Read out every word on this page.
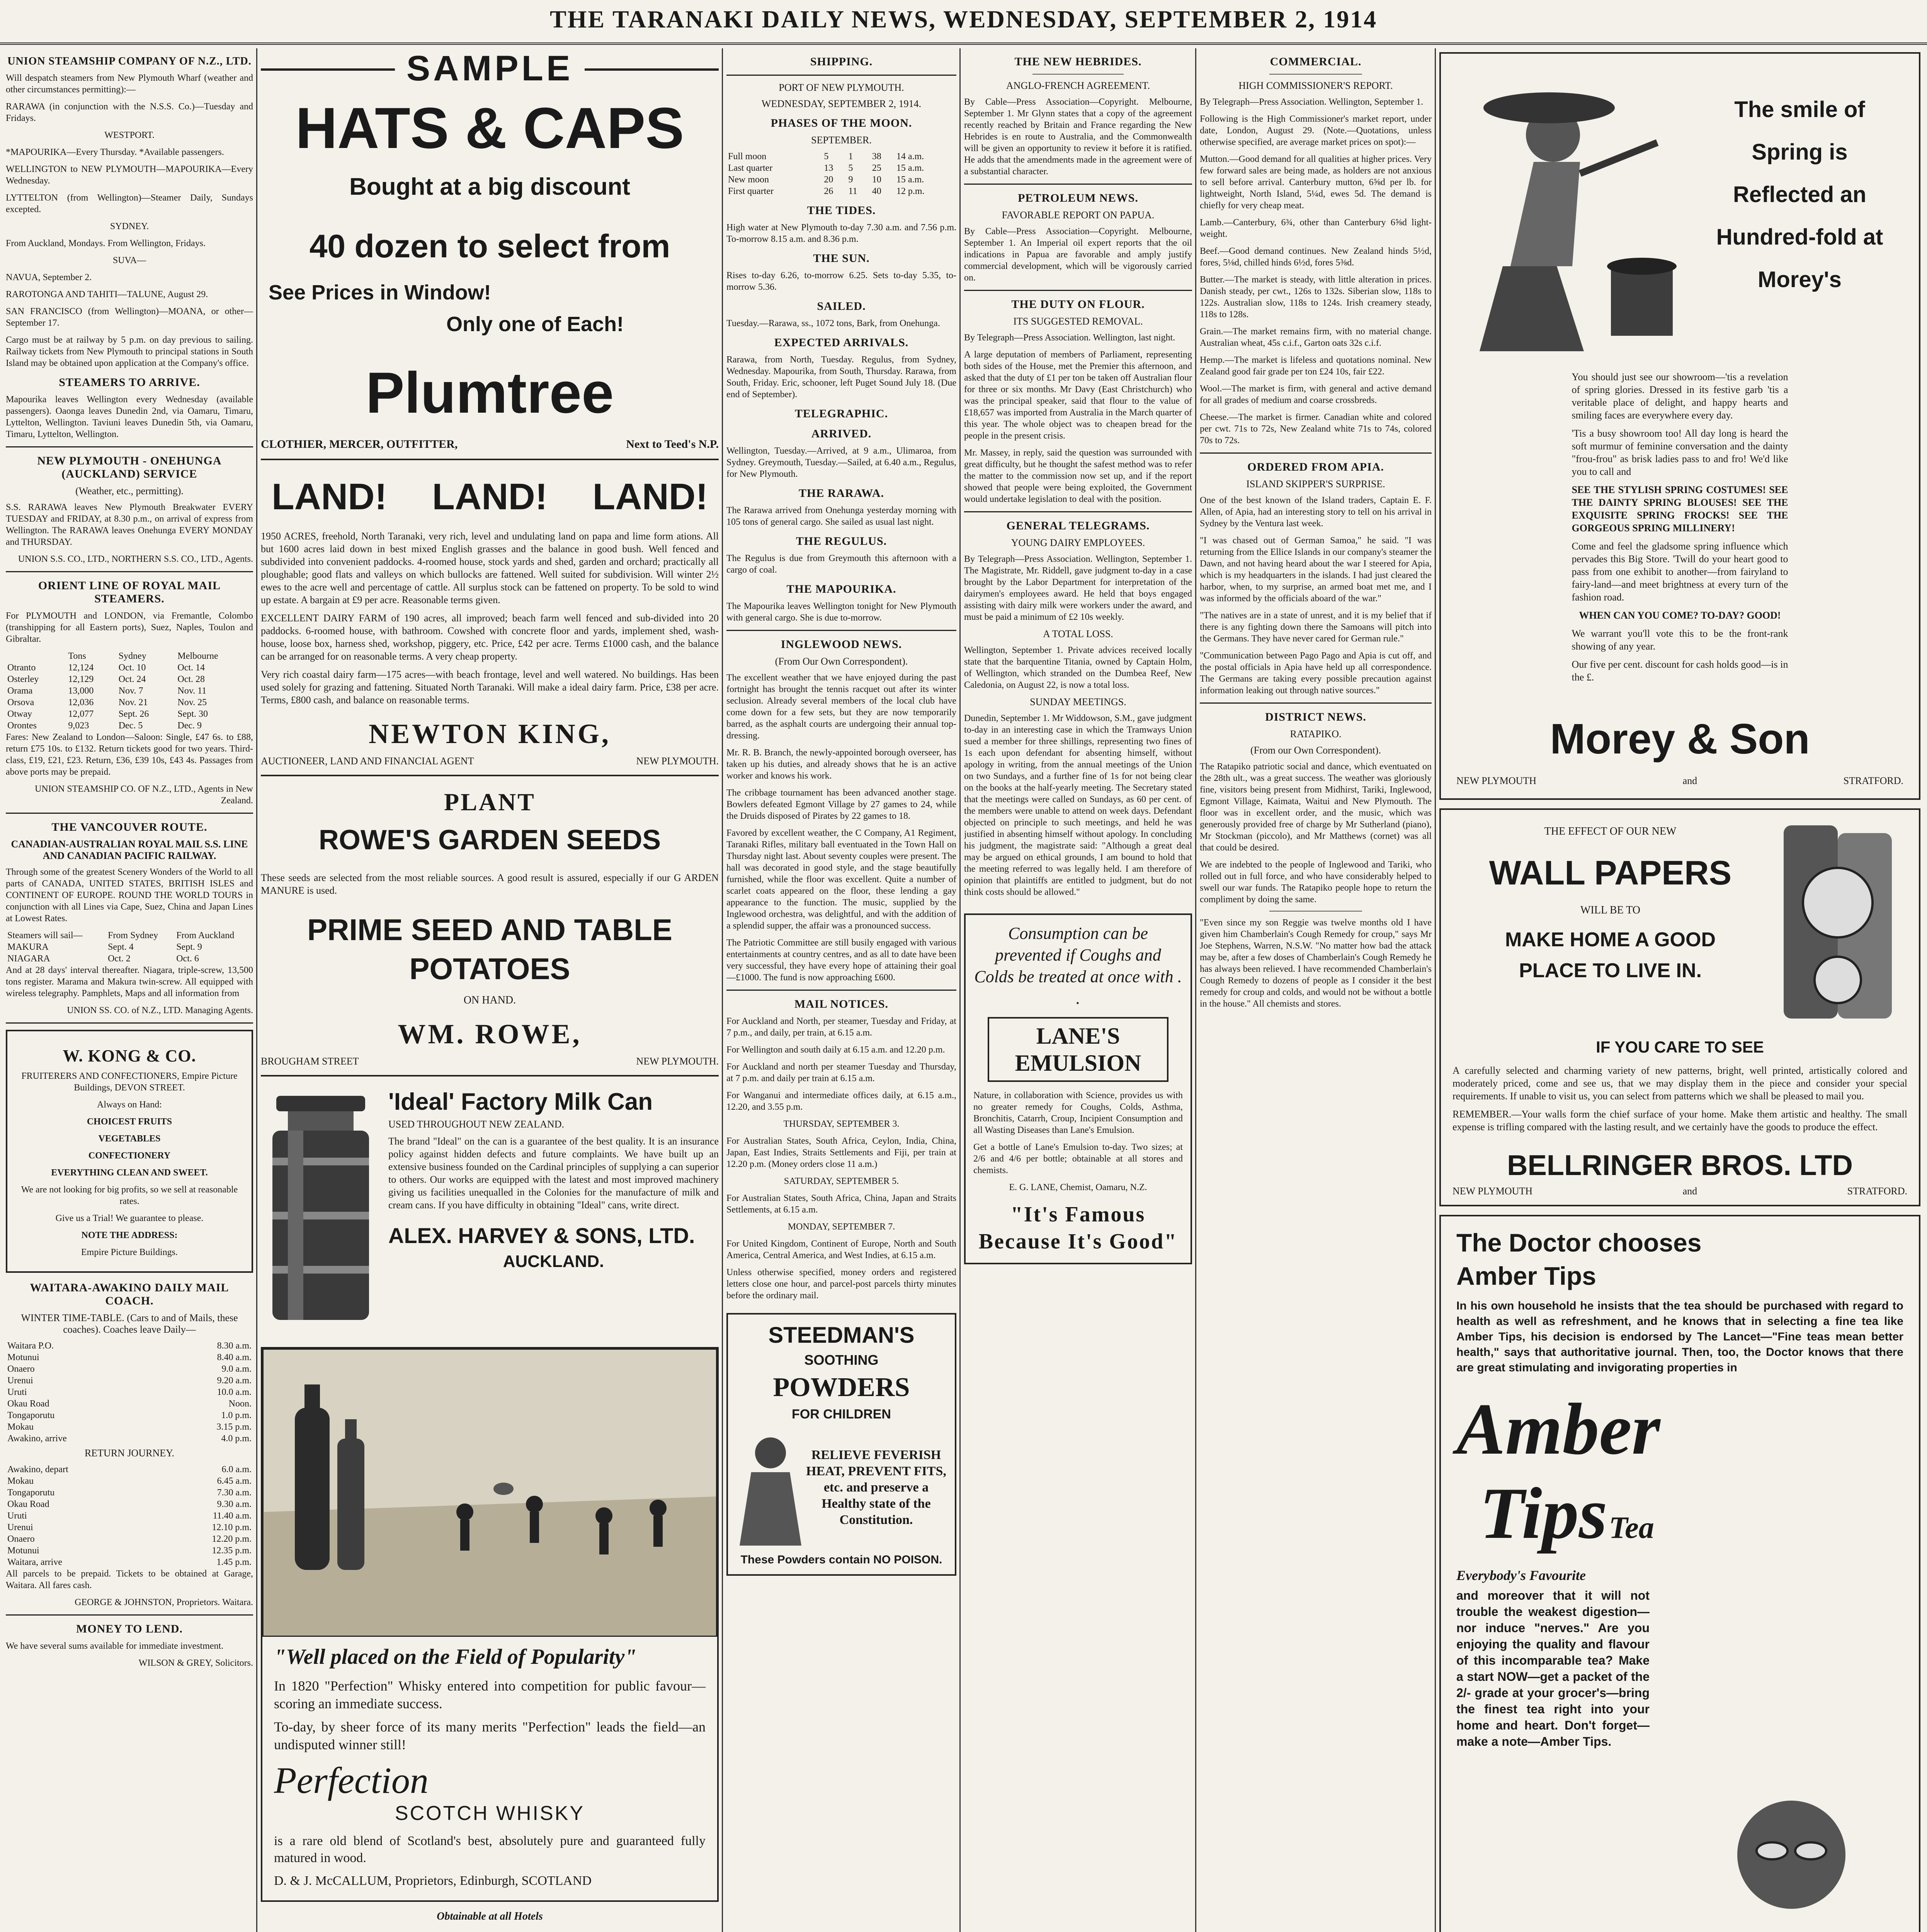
THE TARANAKI DAILY NEWS, WEDNESDAY, SEPTEMBER 2, 1914
UNION STEAMSHIP COMPANY OF N.Z., LTD.

Will despatch steamers from New Plymouth Wharf (weather and other circumstances permitting):—

RARAWA (in conjunction with the N.S.S. Co.)—Tuesday and Fridays.

WESTPORT.

*MAPOURIKA—Every Thursday. *Available passengers.

WELLINGTON to NEW PLYMOUTH—MAPOURIKA—Every Wednesday.

LYTTELTON (from Wellington)—Steamer Daily, Sundays excepted.

SYDNEY.

From Auckland, Mondays. From Wellington, Fridays.

SUVA—

NAVUA, September 2.

RAROTONGA AND TAHITI—TALUNE, August 29.

SAN FRANCISCO (from Wellington)—MOANA, or other—September 17.

Cargo must be at railway by 5 p.m. on day previous to sailing. Railway tickets from New Plymouth to principal stations in South Island may be obtained upon application at the Company's office.

STEAMERS TO ARRIVE.

Mapourika leaves Wellington every Wednesday (available passengers). Oaonga leaves Dunedin 2nd, via Oamaru, Timaru, Lyttelton, Wellington. Taviuni leaves Dunedin 5th, via Oamaru, Timaru, Lyttelton, Wellington.

NEW PLYMOUTH - ONEHUNGA (AUCKLAND) SERVICE
(Weather, etc., permitting).

S.S. RARAWA leaves New Plymouth Breakwater EVERY TUESDAY and FRIDAY, at 8.30 p.m., on arrival of express from Wellington. The RARAWA leaves Onehunga EVERY MONDAY and THURSDAY.

UNION S.S. CO., LTD., NORTHERN S.S. CO., LTD., Agents.

ORIENT LINE OF ROYAL MAIL STEAMERS.

For PLYMOUTH and LONDON, via Fremantle, Colombo (transhipping for all Eastern ports), Suez, Naples, Toulon and Gibraltar.

	Tons	Sydney	Melbourne
Otranto	12,124	Oct. 10	Oct. 14
Osterley	12,129	Oct. 24	Oct. 28
Orama	13,000	Nov. 7	Nov. 11
Orsova	12,036	Nov. 21	Nov. 25
Otway	12,077	Sept. 26	Sept. 30
Orontes	9,023	Dec. 5	Dec. 9

Fares: New Zealand to London—Saloon: Single, £47 6s. to £88, return £75 10s. to £132. Return tickets good for two years. Third-class, £19, £21, £23. Return, £36, £39 10s, £43 4s. Passages from above ports may be prepaid.

UNION STEAMSHIP CO. OF N.Z., LTD., Agents in New Zealand.

THE VANCOUVER ROUTE.
CANADIAN-AUSTRALIAN ROYAL MAIL S.S. LINE AND CANADIAN PACIFIC RAILWAY.

Through some of the greatest Scenery Wonders of the World to all parts of CANADA, UNITED STATES, BRITISH ISLES and CONTINENT OF EUROPE. ROUND THE WORLD TOURS in conjunction with all Lines via Cape, Suez, China and Japan Lines at Lowest Rates.

Steamers will sail—	From Sydney	From Auckland
MAKURA	Sept. 4	Sept. 9
NIAGARA	Oct. 2	Oct. 6

And at 28 days' interval thereafter. Niagara, triple-screw, 13,500 tons register. Marama and Makura twin-screw. All equipped with wireless telegraphy. Pamphlets, Maps and all information from

UNION SS. CO. of N.Z., LTD. Managing Agents.

W. KONG & CO.

FRUITERERS AND CONFECTIONERS, Empire Picture Buildings, DEVON STREET.

Always on Hand:

CHOICEST FRUITS

VEGETABLES

CONFECTIONERY

EVERYTHING CLEAN AND SWEET.

We are not looking for big profits, so we sell at reasonable rates.

Give us a Trial! We guarantee to please.

NOTE THE ADDRESS:

Empire Picture Buildings.

WAITARA-AWAKINO DAILY MAIL COACH.
WINTER TIME-TABLE. (Cars to and of Mails, these coaches). Coaches leave Daily—
Waitara P.O.	8.30 a.m.
Motunui	8.40 a.m.
Onaero	9.0 a.m.
Urenui	9.20 a.m.
Uruti	10.0 a.m.
Okau Road	Noon.
Tongaporutu	1.0 p.m.
Mokau	3.15 p.m.
Awakino, arrive	4.0 p.m.
RETURN JOURNEY.
Awakino, depart	6.0 a.m.
Mokau	6.45 a.m.
Tongaporutu	7.30 a.m.
Okau Road	9.30 a.m.
Uruti	11.40 a.m.
Urenui	12.10 p.m.
Onaero	12.20 p.m.
Motunui	12.35 p.m.
Waitara, arrive	1.45 p.m.

All parcels to be prepaid. Tickets to be obtained at Garage, Waitara. All fares cash.

GEORGE & JOHNSTON, Proprietors. Waitara.

MONEY TO LEND.

We have several sums available for immediate investment.

WILSON & GREY, Solicitors.

SAMPLE
HATS & CAPS
Bought at a big discount
40 dozen to select from
See Prices in Window!
Only one of Each!
Plumtree
CLOTHIER, MERCER, OUTFITTER,	Next to Teed's N.P.
LAND! LAND! LAND!

1950 ACRES, freehold, North Taranaki, very rich, level and undulating land on papa and lime form ations. All but 1600 acres laid down in best mixed English grasses and the balance in good bush. Well fenced and subdivided into convenient paddocks. 4-roomed house, stock yards and shed, garden and orchard; practically all ploughable; good flats and valleys on which bullocks are fattened. Well suited for subdivision. Will winter 2½ ewes to the acre well and percentage of cattle. All surplus stock can be fattened on property. To be sold to wind up estate. A bargain at £9 per acre. Reasonable terms given.

EXCELLENT DAIRY FARM of 190 acres, all improved; beach farm well fenced and sub-divided into 20 paddocks. 6-roomed house, with bathroom. Cowshed with concrete floor and yards, implement shed, wash-house, loose box, harness shed, workshop, piggery, etc. Price, £42 per acre. Terms £1000 cash, and the balance can be arranged for on reasonable terms. A very cheap property.

Very rich coastal dairy farm—175 acres—with beach frontage, level and well watered. No buildings. Has been used solely for grazing and fattening. Situated North Taranaki. Will make a ideal dairy farm. Price, £38 per acre. Terms, £800 cash, and balance on reasonable terms.

NEWTON KING,
AUCTIONEER, LAND AND FINANCIAL AGENT	NEW PLYMOUTH.
PLANT
ROWE'S GARDEN SEEDS

These seeds are selected from the most reliable sources. A good result is assured, especially if our G ARDEN MANURE is used.

PRIME SEED AND TABLE
POTATOES
ON HAND.
WM. ROWE,
BROUGHAM STREET	NEW PLYMOUTH.
'Ideal' Factory Milk Can
USED THROUGHOUT NEW ZEALAND.

The brand "Ideal" on the can is a guarantee of the best quality. It is an insurance policy against hidden defects and future complaints. We have built up an extensive business founded on the Cardinal principles of supplying a can superior to others. Our works are equipped with the latest and most improved machinery giving us facilities unequalled in the Colonies for the manufacture of milk and cream cans. If you have difficulty in obtaining "Ideal" cans, write direct.

ALEX. HARVEY & SONS, LTD.
AUCKLAND.
"Well placed on the Field of Popularity"

In 1820 "Perfection" Whisky entered into competition for public favour—scoring an immediate success.

To-day, by sheer force of its many merits "Perfection" leads the field—an undisputed winner still!

Perfection
SCOTCH WHISKY

is a rare old blend of Scotland's best, absolutely pure and guaranteed fully matured in wood.

D. & J. McCALLUM, Proprietors, Edinburgh, SCOTLAND

Obtainable at all Hotels
SHIPPING.
PORT OF NEW PLYMOUTH.
WEDNESDAY, SEPTEMBER 2, 1914.
PHASES OF THE MOON.
SEPTEMBER.
Full moon	5	1	38	14 a.m.
Last quarter	13	5	25	15 a.m.
New moon	20	9	10	15 a.m.
First quarter	26	11	40	12 p.m.
THE TIDES.

High water at New Plymouth to-day 7.30 a.m. and 7.56 p.m. To-morrow 8.15 a.m. and 8.36 p.m.

THE SUN.

Rises to-day 6.26, to-morrow 6.25. Sets to-day 5.35, to-morrow 5.36.

SAILED.

Tuesday.—Rarawa, ss., 1072 tons, Bark, from Onehunga.

EXPECTED ARRIVALS.

Rarawa, from North, Tuesday. Regulus, from Sydney, Wednesday. Mapourika, from South, Thursday. Rarawa, from South, Friday. Eric, schooner, left Puget Sound July 18. (Due end of September).

TELEGRAPHIC.
ARRIVED.

Wellington, Tuesday.—Arrived, at 9 a.m., Ulimaroa, from Sydney. Greymouth, Tuesday.—Sailed, at 6.40 a.m., Regulus, for New Plymouth.

THE RARAWA.

The Rarawa arrived from Onehunga yesterday morning with 105 tons of general cargo. She sailed as usual last night.

THE REGULUS.

The Regulus is due from Greymouth this afternoon with a cargo of coal.

THE MAPOURIKA.

The Mapourika leaves Wellington tonight for New Plymouth with general cargo. She is due to-morrow.

INGLEWOOD NEWS.
(From Our Own Correspondent).

The excellent weather that we have enjoyed during the past fortnight has brought the tennis racquet out after its winter seclusion. Already several members of the local club have come down for a few sets, but they are now temporarily barred, as the asphalt courts are undergoing their annual top-dressing.

Mr. R. B. Branch, the newly-appointed borough overseer, has taken up his duties, and already shows that he is an active worker and knows his work.

The cribbage tournament has been advanced another stage. Bowlers defeated Egmont Village by 27 games to 24, while the Druids disposed of Pirates by 22 games to 18.

Favored by excellent weather, the C Company, A1 Regiment, Taranaki Rifles, military ball eventuated in the Town Hall on Thursday night last. About seventy couples were present. The hall was decorated in good style, and the stage beautifully furnished, while the floor was excellent. Quite a number of scarlet coats appeared on the floor, these lending a gay appearance to the function. The music, supplied by the Inglewood orchestra, was delightful, and with the addition of a splendid supper, the affair was a pronounced success.

The Patriotic Committee are still busily engaged with various entertainments at country centres, and as all to date have been very successful, they have every hope of attaining their goal—£1000. The fund is now approaching £600.

MAIL NOTICES.

For Auckland and North, per steamer, Tuesday and Friday, at 7 p.m., and daily, per train, at 6.15 a.m.

For Wellington and south daily at 6.15 a.m. and 12.20 p.m.

For Auckland and north per steamer Tuesday and Thursday, at 7 p.m. and daily per train at 6.15 a.m.

For Wanganui and intermediate offices daily, at 6.15 a.m., 12.20, and 3.55 p.m.

THURSDAY, SEPTEMBER 3.

For Australian States, South Africa, Ceylon, India, China, Japan, East Indies, Straits Settlements and Fiji, per train at 12.20 p.m. (Money orders close 11 a.m.)

SATURDAY, SEPTEMBER 5.

For Australian States, South Africa, China, Japan and Straits Settlements, at 6.15 a.m.

MONDAY, SEPTEMBER 7.

For United Kingdom, Continent of Europe, North and South America, Central America, and West Indies, at 6.15 a.m.

Unless otherwise specified, money orders and registered letters close one hour, and parcel-post parcels thirty minutes before the ordinary mail.

STEEDMAN'S
SOOTHING
POWDERS
FOR CHILDREN
RELIEVE FEVERISH HEAT, PREVENT FITS, etc. and preserve a Healthy state of the Constitution.
These Powders contain NO POISON.
THE NEW HEBRIDES.
ANGLO-FRENCH AGREEMENT.

By Cable—Press Association—Copyright. Melbourne, September 1. Mr Glynn states that a copy of the agreement recently reached by Britain and France regarding the New Hebrides is en route to Australia, and the Commonwealth will be given an opportunity to review it before it is ratified. He adds that the amendments made in the agreement were of a substantial character.

PETROLEUM NEWS.
FAVORABLE REPORT ON PAPUA.

By Cable—Press Association—Copyright. Melbourne, September 1. An Imperial oil expert reports that the oil indications in Papua are favorable and amply justify commercial development, which will be vigorously carried on.

THE DUTY ON FLOUR.
ITS SUGGESTED REMOVAL.

By Telegraph—Press Association. Wellington, last night.

A large deputation of members of Parliament, representing both sides of the House, met the Premier this afternoon, and asked that the duty of £1 per ton be taken off Australian flour for three or six months. Mr Davy (East Christchurch) who was the principal speaker, said that flour to the value of £18,657 was imported from Australia in the March quarter of this year. The whole object was to cheapen bread for the people in the present crisis.

Mr. Massey, in reply, said the question was surrounded with great difficulty, but he thought the safest method was to refer the matter to the commission now set up, and if the report showed that people were being exploited, the Government would undertake legislation to deal with the position.

GENERAL TELEGRAMS.
YOUNG DAIRY EMPLOYEES.

By Telegraph—Press Association. Wellington, September 1. The Magistrate, Mr. Riddell, gave judgment to-day in a case brought by the Labor Department for interpretation of the dairymen's employees award. He held that boys engaged assisting with dairy milk were workers under the award, and must be paid a minimum of £2 10s weekly.

A TOTAL LOSS.

Wellington, September 1. Private advices received locally state that the barquentine Titania, owned by Captain Holm, of Wellington, which stranded on the Dumbea Reef, New Caledonia, on August 22, is now a total loss.

SUNDAY MEETINGS.

Dunedin, September 1. Mr Widdowson, S.M., gave judgment to-day in an interesting case in which the Tramways Union sued a member for three shillings, representing two fines of 1s each upon defendant for absenting himself, without apology in writing, from the annual meetings of the Union on two Sundays, and a further fine of 1s for not being clear on the books at the half-yearly meeting. The Secretary stated that the meetings were called on Sundays, as 60 per cent. of the members were unable to attend on week days. Defendant objected on principle to such meetings, and held he was justified in absenting himself without apology. In concluding his judgment, the magistrate said: "Although a great deal may be argued on ethical grounds, I am bound to hold that the meeting referred to was legally held. I am therefore of opinion that plaintiffs are entitled to judgment, but do not think costs should be allowed."

Consumption can be prevented if Coughs and Colds be treated at once with . .
LANE'S EMULSION

Nature, in collaboration with Science, provides us with no greater remedy for Coughs, Colds, Asthma, Bronchitis, Catarrh, Croup, Incipient Consumption and all Wasting Diseases than Lane's Emulsion.

Get a bottle of Lane's Emulsion to-day. Two sizes; at 2/6 and 4/6 per bottle; obtainable at all stores and chemists.

E. G. LANE, Chemist, Oamaru, N.Z.

"It's Famous Because It's Good"
COMMERCIAL.
HIGH COMMISSIONER'S REPORT.

By Telegraph—Press Association. Wellington, September 1.

Following is the High Commissioner's market report, under date, London, August 29. (Note.—Quotations, unless otherwise specified, are average market prices on spot):—

Mutton.—Good demand for all qualities at higher prices. Very few forward sales are being made, as holders are not anxious to sell before arrival. Canterbury mutton, 6⅝d per lb. for lightweight, North Island, 5¼d, ewes 5d. The demand is chiefly for very cheap meat.

Lamb.—Canterbury, 6¾, other than Canterbury 6⅝d light-weight.

Beef.—Good demand continues. New Zealand hinds 5½d, fores, 5⅛d, chilled hinds 6½d, fores 5⅜d.

Butter.—The market is steady, with little alteration in prices. Danish steady, per cwt., 126s to 132s. Siberian slow, 118s to 122s. Australian slow, 118s to 124s. Irish creamery steady, 118s to 128s.

Grain.—The market remains firm, with no material change. Australian wheat, 45s c.i.f., Garton oats 32s c.i.f.

Hemp.—The market is lifeless and quotations nominal. New Zealand good fair grade per ton £24 10s, fair £22.

Wool.—The market is firm, with general and active demand for all grades of medium and coarse crossbreds.

Cheese.—The market is firmer. Canadian white and colored per cwt. 71s to 72s, New Zealand white 71s to 74s, colored 70s to 72s.

ORDERED FROM APIA.
ISLAND SKIPPER'S SURPRISE.

One of the best known of the Island traders, Captain E. F. Allen, of Apia, had an interesting story to tell on his arrival in Sydney by the Ventura last week.

"I was chased out of German Samoa," he said. "I was returning from the Ellice Islands in our company's steamer the Dawn, and not having heard about the war I steered for Apia, which is my headquarters in the islands. I had just cleared the harbor, when, to my surprise, an armed boat met me, and I was informed by the officials aboard of the war."

"The natives are in a state of unrest, and it is my belief that if there is any fighting down there the Samoans will pitch into the Germans. They have never cared for German rule."

"Communication between Pago Pago and Apia is cut off, and the postal officials in Apia have held up all correspondence. The Germans are taking every possible precaution against information leaking out through native sources."

DISTRICT NEWS.
RATAPIKO.
(From our Own Correspondent).

The Ratapiko patriotic social and dance, which eventuated on the 28th ult., was a great success. The weather was gloriously fine, visitors being present from Midhirst, Tariki, Inglewood, Egmont Village, Kaimata, Waitui and New Plymouth. The floor was in excellent order, and the music, which was generously provided free of charge by Mr Sutherland (piano), Mr Stockman (piccolo), and Mr Matthews (cornet) was all that could be desired.

We are indebted to the people of Inglewood and Tariki, who rolled out in full force, and who have considerably helped to swell our war funds. The Ratapiko people hope to return the compliment by doing the same.

"Even since my son Reggie was twelve months old I have given him Chamberlain's Cough Remedy for croup," says Mr Joe Stephens, Warren, N.S.W. "No matter how bad the attack may be, after a few doses of Chamberlain's Cough Remedy he has always been relieved. I have recommended Chamberlain's Cough Remedy to dozens of people as I consider it the best remedy for croup and colds, and would not be without a bottle in the house." All chemists and stores.

The smile of
Spring is
Reflected an
Hundred-fold at
Morey's

You should just see our showroom—'tis a revelation of spring glories. Dressed in its festive garb 'tis a veritable place of delight, and happy hearts and smiling faces are everywhere every day.

'Tis a busy showroom too! All day long is heard the soft murmur of feminine conversation and the dainty "frou-frou" as brisk ladies pass to and fro! We'd like you to call and

SEE THE STYLISH SPRING COSTUMES! SEE THE DAINTY SPRING BLOUSES! SEE THE EXQUISITE SPRING FROCKS! SEE THE GORGEOUS SPRING MILLINERY!

Come and feel the gladsome spring influence which pervades this Big Store. 'Twill do your heart good to pass from one exhibit to another—from fairyland to fairy-land—and meet brightness at every turn of the fashion road.

WHEN CAN YOU COME? TO-DAY? GOOD!

We warrant you'll vote this to be the front-rank showing of any year.

Our five per cent. discount for cash holds good—is in the £.

Morey & Son
NEW PLYMOUTH	and	STRATFORD.
THE EFFECT OF OUR NEW
WALL PAPERS
WILL BE TO
MAKE HOME A GOOD
PLACE TO LIVE IN.
IF YOU CARE TO SEE

A carefully selected and charming variety of new patterns, bright, well printed, artistically colored and moderately priced, come and see us, that we may display them in the piece and consider your special requirements. If unable to visit us, you can select from patterns which we shall be pleased to mail you.

REMEMBER.—Your walls form the chief surface of your home. Make them artistic and healthy. The small expense is trifling compared with the lasting result, and we certainly have the goods to produce the effect.

BELLRINGER BROS. LTD
NEW PLYMOUTH	and	STRATFORD.
The Doctor chooses
Amber Tips

In his own household he insists that the tea should be purchased with regard to health as well as refreshment, and he knows that in selecting a fine tea like Amber Tips, his decision is endorsed by The Lancet—"Fine teas mean better health," says that authoritative journal. Then, too, the Doctor knows that there are great stimulating and invigorating properties in

Amber
Tips Tea
Everybody's Favourite

and moreover that it will not trouble the weakest digestion—nor induce "nerves." Are you enjoying the quality and flavour of this incomparable tea? Make a start NOW—get a packet of the 2/- grade at your grocer's—bring the finest tea right into your home and heart. Don't forget—make a note—Amber Tips.
